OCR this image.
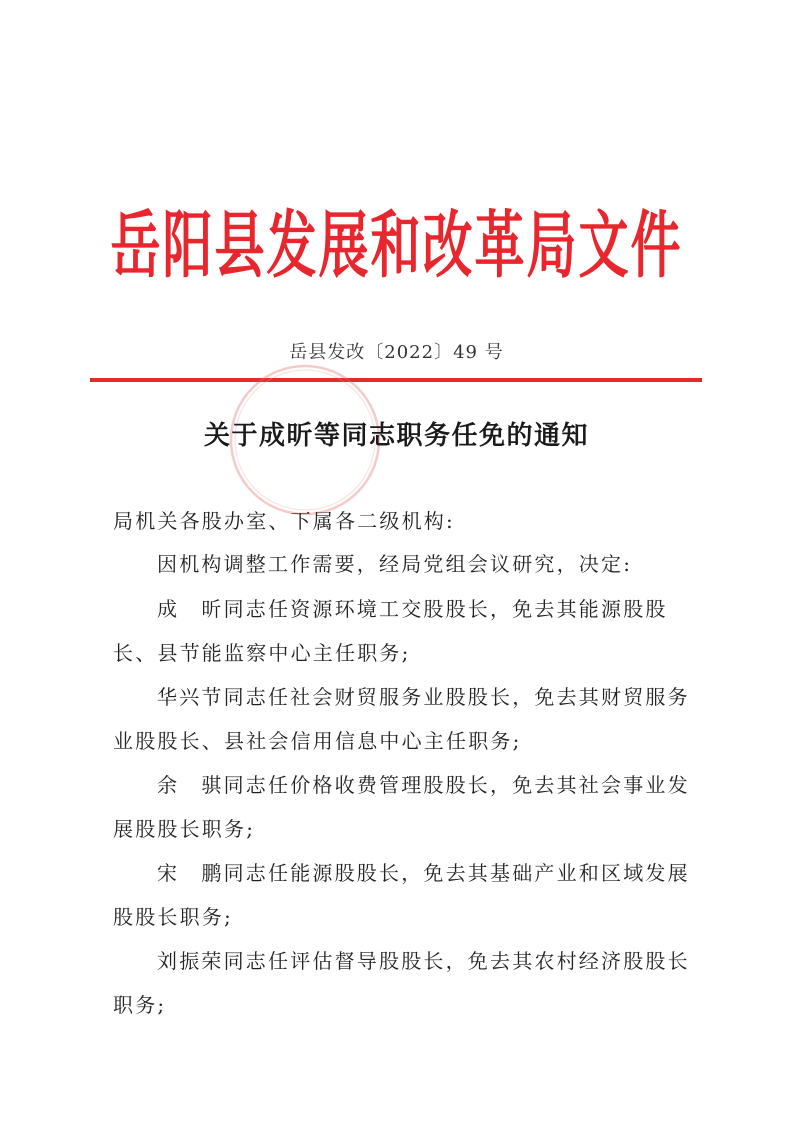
岳阳县发展和改革局文件
岳县发改〔2022〕49 号
关于成昕等同志职务任免的通知
局机关各股办室、下属各二级机构:
因机构调整工作需要，经局党组会议研究，决定:
成　昕同志任资源环境工交股股长，免去其能源股股
长、县节能监察中心主任职务;
华兴节同志任社会财贸服务业股股长，免去其财贸服务
业股股长、县社会信用信息中心主任职务;
余　骐同志任价格收费管理股股长，免去其社会事业发
展股股长职务;
宋　鹏同志任能源股股长，免去其基础产业和区域发展
股股长职务;
刘振荣同志任评估督导股股长，免去其农村经济股股长
职务;
